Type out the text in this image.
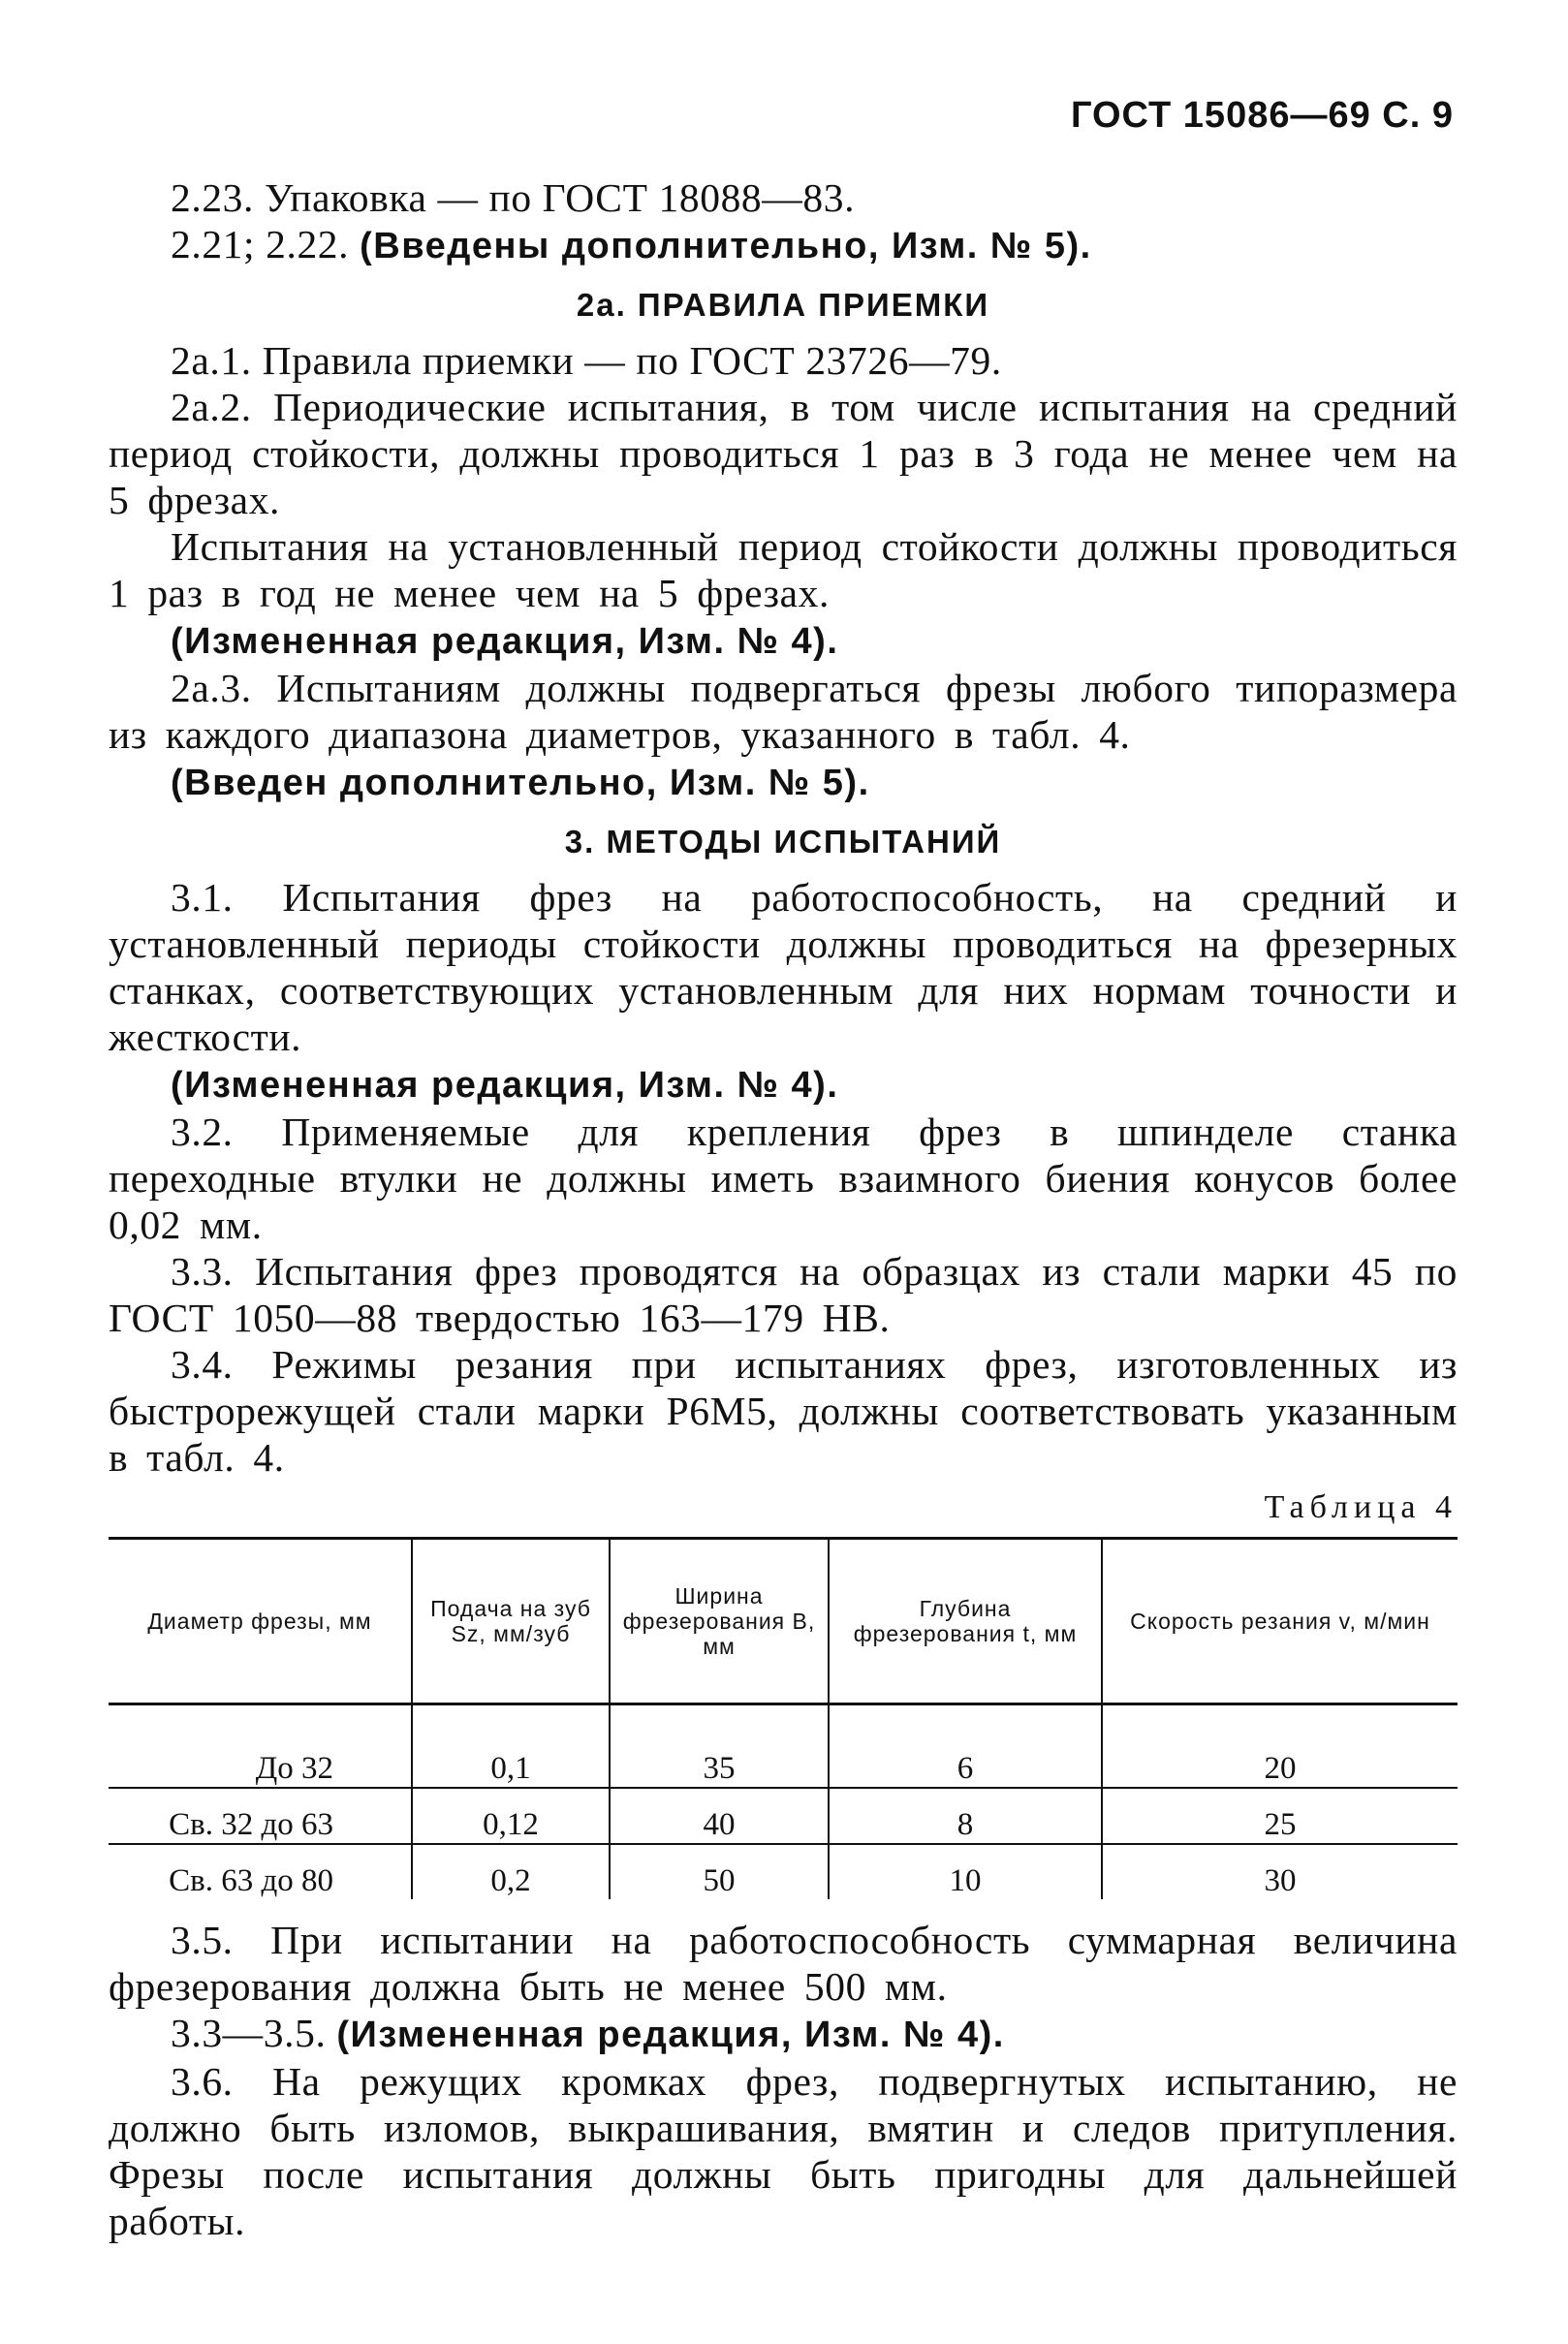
ГОСТ 15086—69 С. 9

2.23. Упаковка — по ГОСТ 18088—83.

2.21; 2.22. (Введены дополнительно, Изм. № 5).

2а. ПРАВИЛА ПРИЕМКИ

2а.1. Правила приемки — по ГОСТ 23726—79.

2а.2. Периодические испытания, в том числе испытания на средний период стойкости, должны проводиться 1 раз в 3 года не менее чем на 5 фрезах.

Испытания на установленный период стойкости должны проводиться 1 раз в год не менее чем на 5 фрезах.

(Измененная редакция, Изм. № 4).

2а.3. Испытаниям должны подвергаться фрезы любого типоразмера из каждого диапазона диаметров, указанного в табл. 4.

(Введен дополнительно, Изм. № 5).

3. МЕТОДЫ ИСПЫТАНИЙ

3.1. Испытания фрез на работоспособность, на средний и установленный периоды стойкости должны проводиться на фрезерных станках, соответствующих установленным для них нормам точности и жесткости.

(Измененная редакция, Изм. № 4).

3.2. Применяемые для крепления фрез в шпинделе станка переходные втулки не должны иметь взаимного биения конусов более 0,02 мм.

3.3. Испытания фрез проводятся на образцах из стали марки 45 по ГОСТ 1050—88 твердостью 163—179 НВ.

3.4. Режимы резания при испытаниях фрез, изготовленных из быстрорежущей стали марки Р6М5, должны соответствовать указанным в табл. 4.

Таблица 4
Диаметр фрезы, мм	Подача на зуб Sz, мм/зуб	Ширина фрезерования B, мм	Глубина фрезерования t, мм	Скорость резания v, м/мин
До 32	0,1	35	6	20
Св. 32 до 63	0,12	40	8	25
Св. 63 до 80	0,2	50	10	30

3.5. При испытании на работоспособность суммарная величина фрезерования должна быть не менее 500 мм.

3.3—3.5. (Измененная редакция, Изм. № 4).

3.6. На режущих кромках фрез, подвергнутых испытанию, не должно быть изломов, выкрашивания, вмятин и следов притупления. Фрезы после испытания должны быть пригодны для дальнейшей работы.
